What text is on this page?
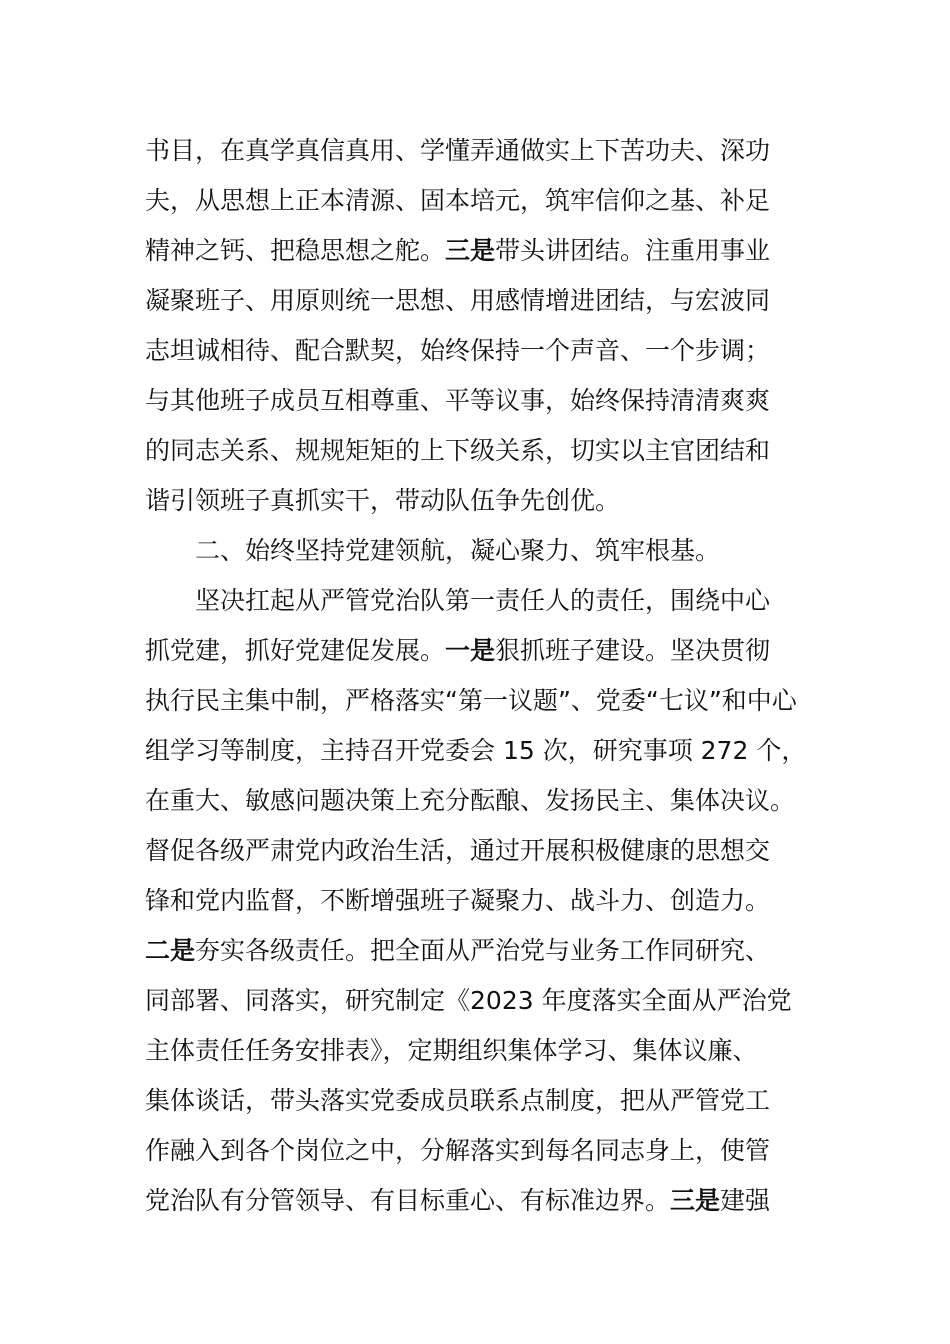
书目，在真学真信真用、学懂弄通做实上下苦功夫、深功
夫，从思想上正本清源、固本培元，筑牢信仰之基、补足
精神之钙、把稳思想之舵。三是带头讲团结。注重用事业
凝聚班子、用原则统一思想、用感情增进团结，与宏波同
志坦诚相待、配合默契，始终保持一个声音、一个步调；
与其他班子成员互相尊重、平等议事，始终保持清清爽爽
的同志关系、规规矩矩的上下级关系，切实以主官团结和
谐引领班子真抓实干，带动队伍争先创优。
二、始终坚持党建领航，凝心聚力、筑牢根基。
坚决扛起从严管党治队第一责任人的责任，围绕中心
抓党建，抓好党建促发展。一是狠抓班子建设。坚决贯彻
执行民主集中制，严格落实“第一议题”、党委“七议”和中心
组学习等制度，主持召开党委会 15 次，研究事项 272 个，
在重大、敏感问题决策上充分酝酿、发扬民主、集体决议。
督促各级严肃党内政治生活，通过开展积极健康的思想交
锋和党内监督，不断增强班子凝聚力、战斗力、创造力。
二是夯实各级责任。把全面从严治党与业务工作同研究、
同部署、同落实，研究制定《2023 年度落实全面从严治党
主体责任任务安排表》，定期组织集体学习、集体议廉、
集体谈话，带头落实党委成员联系点制度，把从严管党工
作融入到各个岗位之中，分解落实到每名同志身上，使管
党治队有分管领导、有目标重心、有标准边界。三是建强
